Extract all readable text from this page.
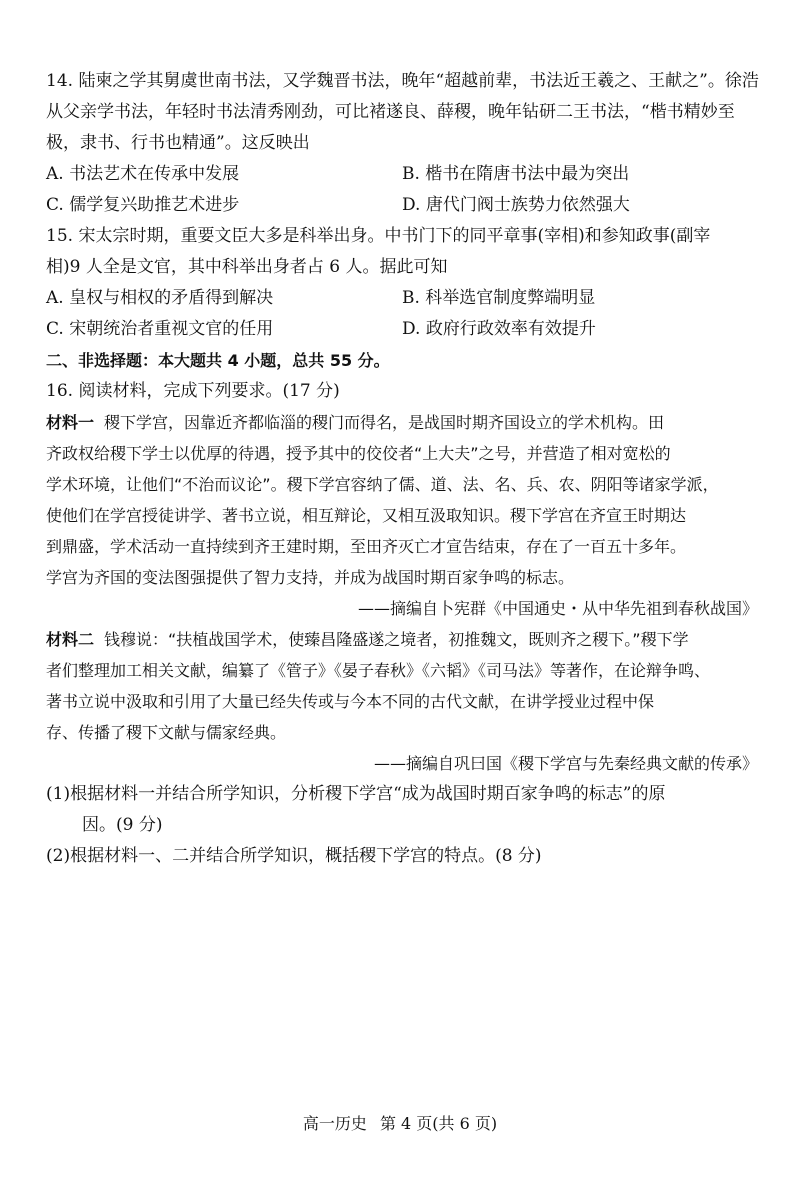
14. 陆柬之学其舅虞世南书法，又学魏晋书法，晚年“超越前辈，书法近王羲之、王献之”。徐浩

从父亲学书法，年轻时书法清秀刚劲，可比褚遂良、薛稷，晚年钻研二王书法，“楷书精妙至

极，隶书、行书也精通”。这反映出

A. 书法艺术在传承中发展	B. 楷书在隋唐书法中最为突出

C. 儒学复兴助推艺术进步	D. 唐代门阀士族势力依然强大

15. 宋太宗时期，重要文臣大多是科举出身。中书门下的同平章事(宰相)和参知政事(副宰

相)9 人全是文官，其中科举出身者占 6 人。据此可知

A. 皇权与相权的矛盾得到解决	B. 科举选官制度弊端明显

C. 宋朝统治者重视文官的任用	D. 政府行政效率有效提升

二、非选择题：本大题共 4 小题，总共 55 分。

16. 阅读材料，完成下列要求。(17 分)

材料一 稷下学宫，因靠近齐都临淄的稷门而得名，是战国时期齐国设立的学术机构。田

齐政权给稷下学士以优厚的待遇，授予其中的佼佼者“上大夫”之号，并营造了相对宽松的

学术环境，让他们“不治而议论”。稷下学宫容纳了儒、道、法、名、兵、农、阴阳等诸家学派，

使他们在学宫授徒讲学、著书立说，相互辩论，又相互汲取知识。稷下学宫在齐宣王时期达

到鼎盛，学术活动一直持续到齐王建时期，至田齐灭亡才宣告结束，存在了一百五十多年。

学宫为齐国的变法图强提供了智力支持，并成为战国时期百家争鸣的标志。

——摘编自卜宪群《中国通史・从中华先祖到春秋战国》

材料二 钱穆说：“扶植战国学术，使臻昌隆盛遂之境者，初推魏文，既则齐之稷下。”稷下学

者们整理加工相关文献，编纂了《管子》《晏子春秋》《六韬》《司马法》等著作，在论辩争鸣、

著书立说中汲取和引用了大量已经失传或与今本不同的古代文献，在讲学授业过程中保

存、传播了稷下文献与儒家经典。

——摘编自巩曰国《稷下学宫与先秦经典文献的传承》

(1)根据材料一并结合所学知识，分析稷下学宫“成为战国时期百家争鸣的标志”的原

因。(9 分)

(2)根据材料一、二并结合所学知识，概括稷下学宫的特点。(8 分)

高一历史 第 4 页(共 6 页)
